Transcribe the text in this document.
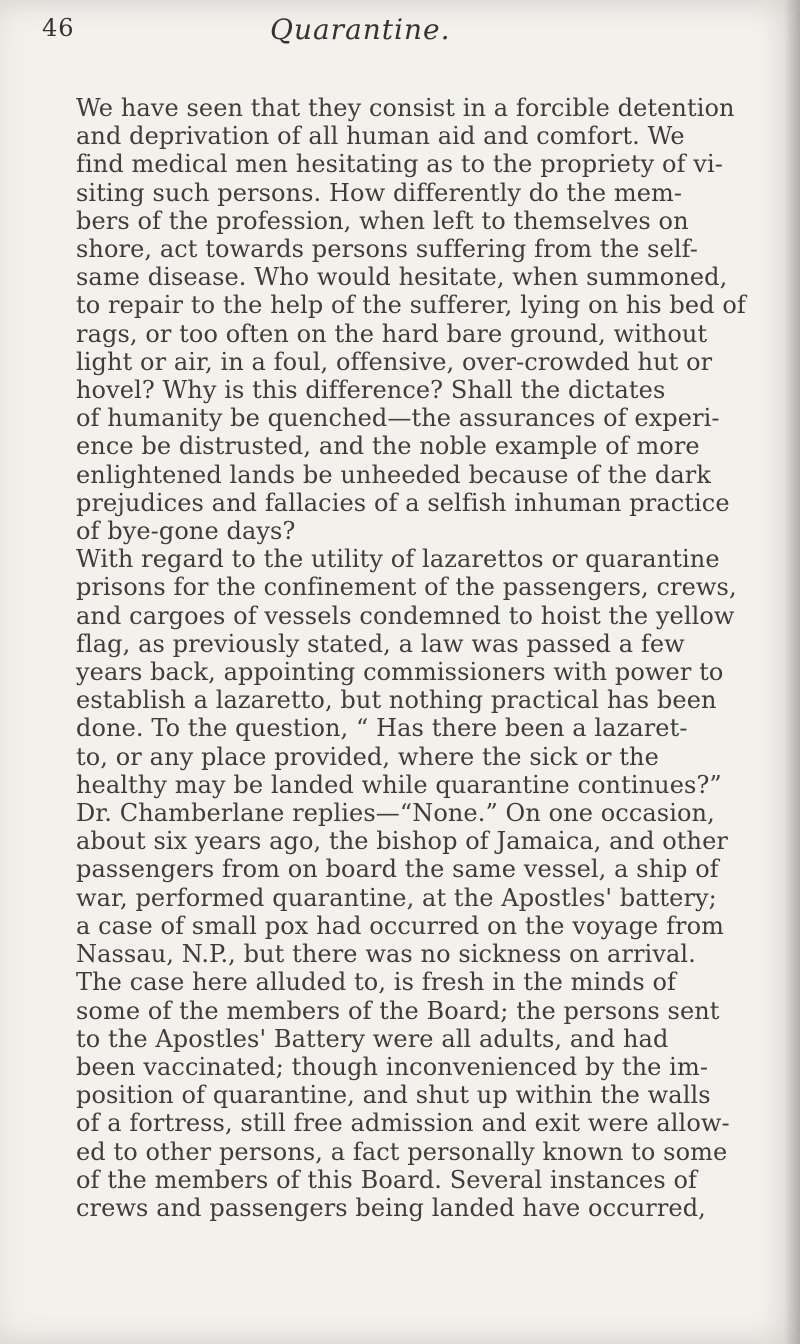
46	Quarantine.

We have seen that they consist in a forcible detention
and deprivation of all human aid and comfort. We
find medical men hesitating as to the propriety of vi-
siting such persons. How differently do the mem-
bers of the profession, when left to themselves on
shore, act towards persons suffering from the self-
same disease. Who would hesitate, when summoned,
to repair to the help of the sufferer, lying on his bed of
rags, or too often on the hard bare ground, without
light or air, in a foul, offensive, over-crowded hut or
hovel? Why is this difference? Shall the dictates
of humanity be quenched—the assurances of experi-
ence be distrusted, and the noble example of more
enlightened lands be unheeded because of the dark
prejudices and fallacies of a selfish inhuman practice
of bye-gone days?

With regard to the utility of lazarettos or quarantine
prisons for the confinement of the passengers, crews,
and cargoes of vessels condemned to hoist the yellow
flag, as previously stated, a law was passed a few
years back, appointing commissioners with power to
establish a lazaretto, but nothing practical has been
done. To the question, “ Has there been a lazaret-
to, or any place provided, where the sick or the
healthy may be landed while quarantine continues?”
Dr. Chamberlane replies—“None.” On one occasion,
about six years ago, the bishop of Jamaica, and other
passengers from on board the same vessel, a ship of
war, performed quarantine, at the Apostles' battery;
a case of small pox had occurred on the voyage from
Nassau, N.P., but there was no sickness on arrival.
The case here alluded to, is fresh in the minds of
some of the members of the Board; the persons sent
to the Apostles' Battery were all adults, and had
been vaccinated; though inconvenienced by the im-
position of quarantine, and shut up within the walls
of a fortress, still free admission and exit were allow-
ed to other persons, a fact personally known to some
of the members of this Board. Several instances of
crews and passengers being landed have occurred,
